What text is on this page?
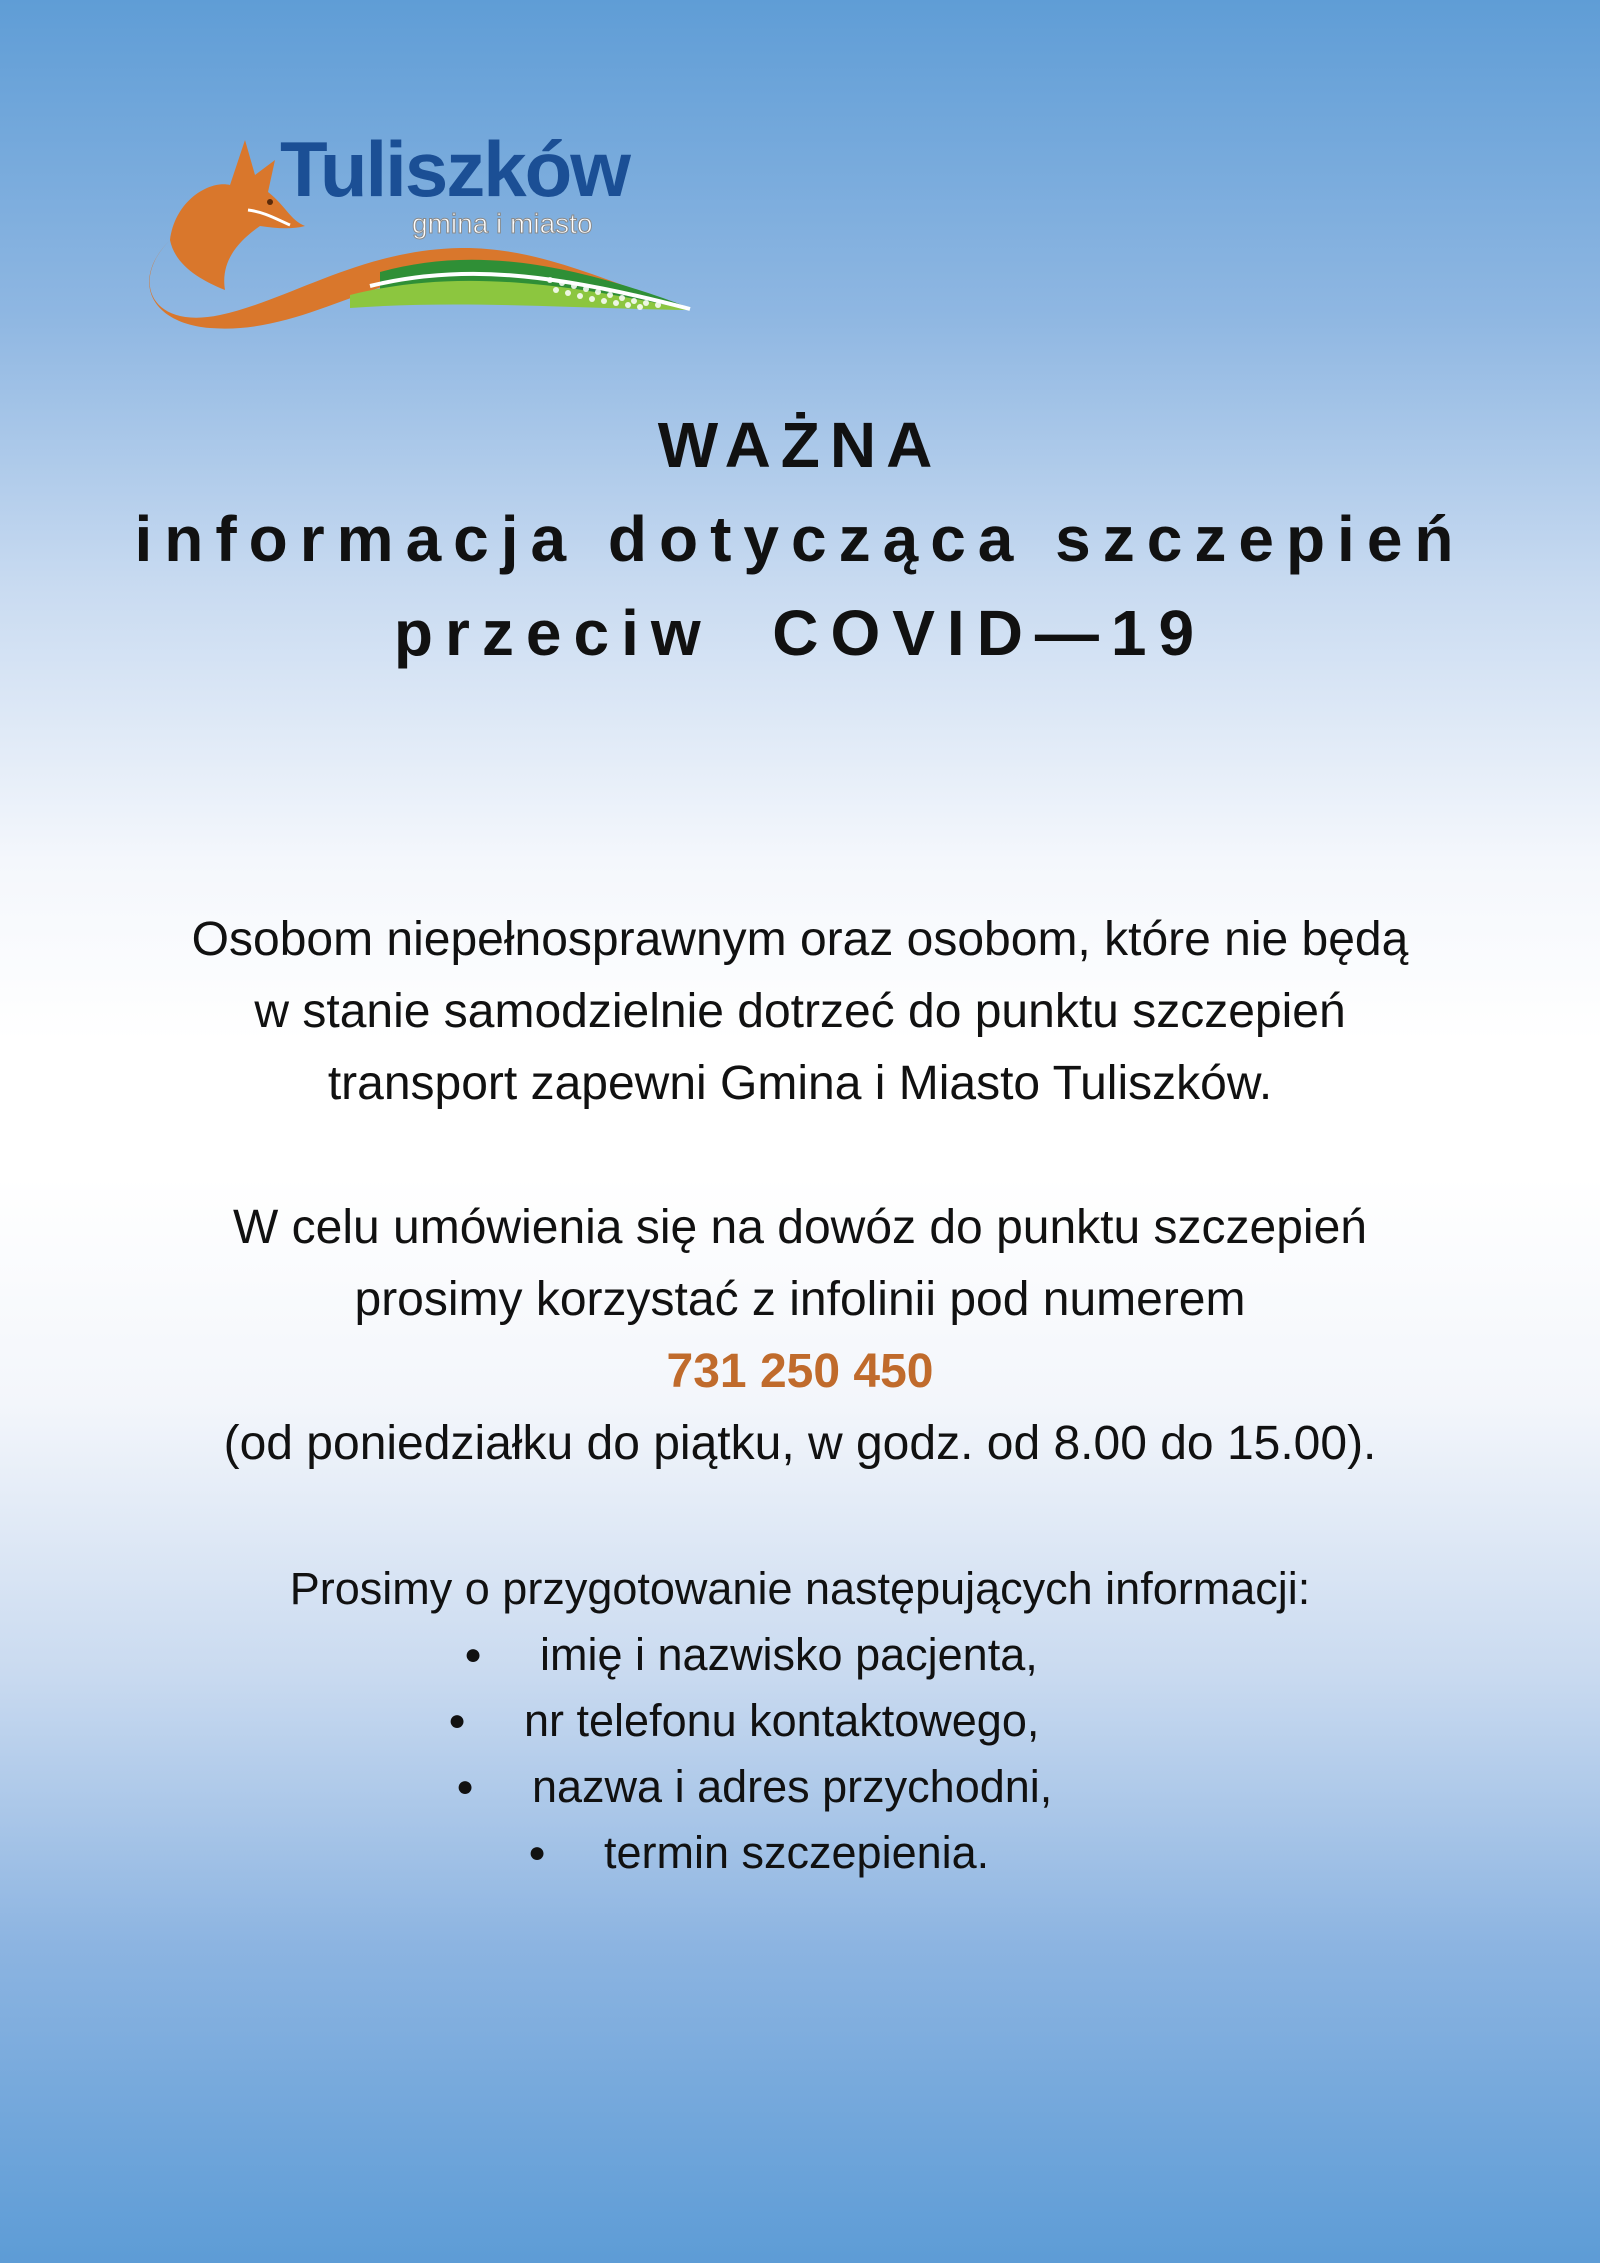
Tuliszków
gmina i miasto
WAŻNA
informacja dotycząca szczepień
przeciw  COVID—19
Osobom niepełnosprawnym oraz osobom, które nie będą
w stanie samodzielnie dotrzeć do punktu szczepień
transport zapewni Gmina i Miasto Tuliszków.
W celu umówienia się na dowóz do punktu szczepień
prosimy korzystać z infolinii pod numerem
731 250 450
(od poniedziałku do piątku, w godz. od 8.00 do 15.00).
Prosimy o przygotowanie następujących informacji:
● imię i nazwisko pacjenta,
● nr telefonu kontaktowego,
● nazwa i adres przychodni,
● termin szczepienia.
